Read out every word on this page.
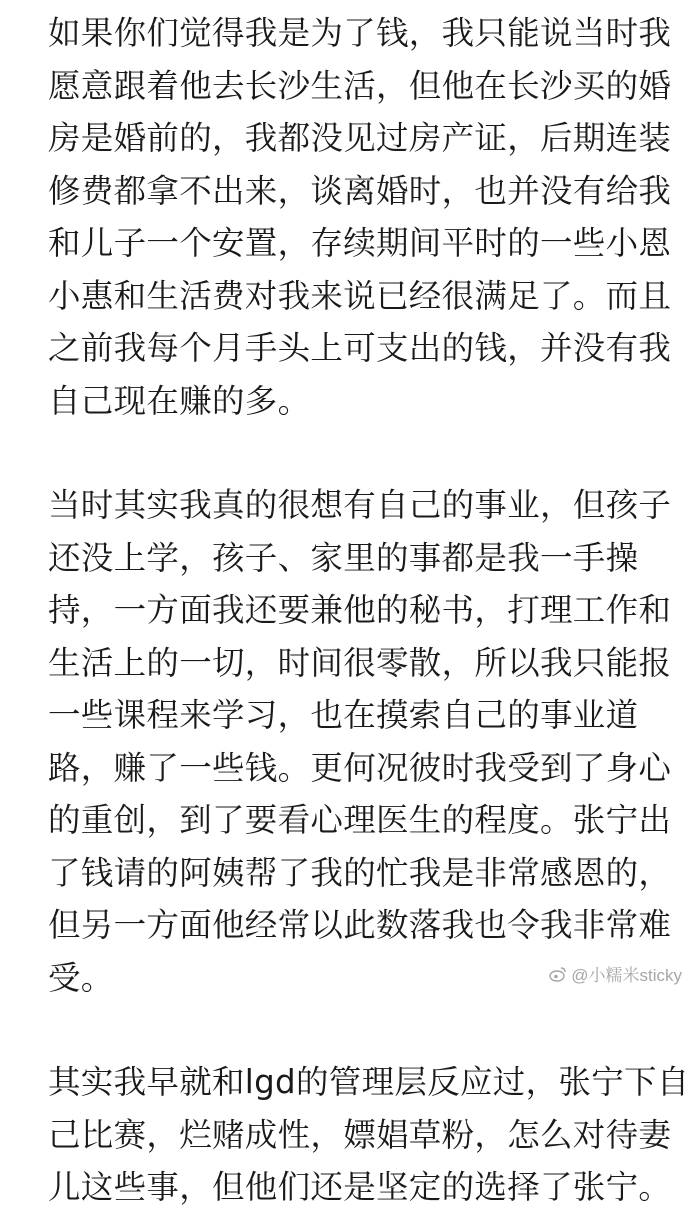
如果你们觉得我是为了钱，我只能说当时我
愿意跟着他去长沙生活，但他在长沙买的婚
房是婚前的，我都没见过房产证，后期连装
修费都拿不出来，谈离婚时，也并没有给我
和儿子一个安置，存续期间平时的一些小恩
小惠和生活费对我来说已经很满足了。而且
之前我每个月手头上可支出的钱，并没有我
自己现在赚的多。

当时其实我真的很想有自己的事业，但孩子
还没上学，孩子、家里的事都是我一手操
持，一方面我还要兼他的秘书，打理工作和
生活上的一切，时间很零散，所以我只能报
一些课程来学习，也在摸索自己的事业道
路，赚了一些钱。更何况彼时我受到了身心
的重创，到了要看心理医生的程度。张宁出
了钱请的阿姨帮了我的忙我是非常感恩的，
但另一方面他经常以此数落我也令我非常难
受。

其实我早就和lgd的管理层反应过，张宁下自
己比赛，烂赌成性，嫖娼草粉，怎么对待妻
儿这些事，但他们还是坚定的选择了张宁。

@小糯米sticky
